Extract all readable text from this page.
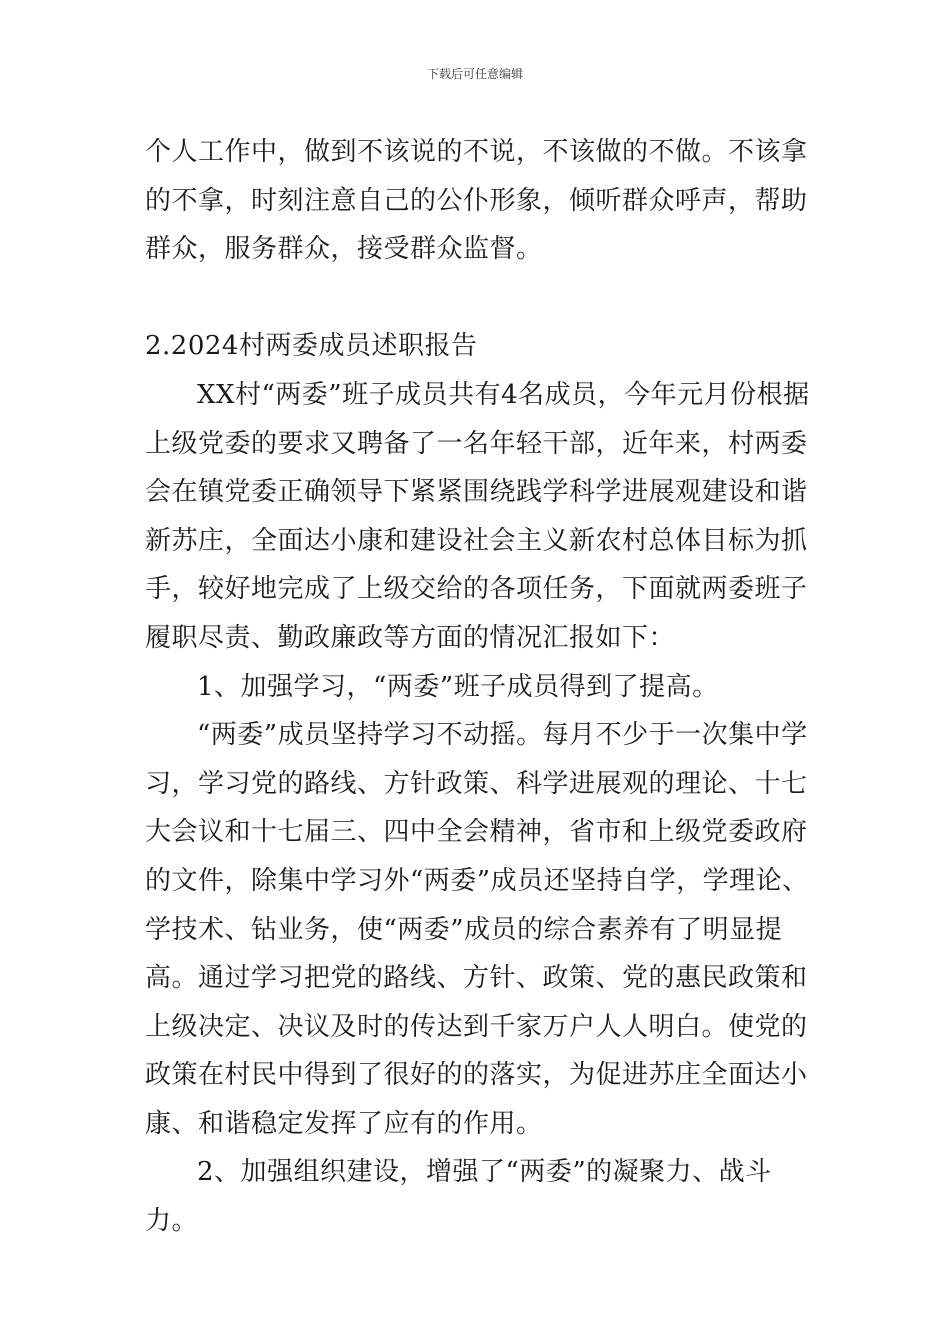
下载后可任意编辑

个人工作中，做到不该说的不说，不该做的不做。不该拿的不拿，时刻注意自己的公仆形象，倾听群众呼声，帮助群众，服务群众，接受群众监督。

2.2024村两委成员述职报告

XX村“两委”班子成员共有4名成员，今年元月份根据上级党委的要求又聘备了一名年轻干部，近年来，村两委会在镇党委正确领导下紧紧围绕践学科学进展观建设和谐新苏庄，全面达小康和建设社会主义新农村总体目标为抓手，较好地完成了上级交给的各项任务，下面就两委班子履职尽责、勤政廉政等方面的情况汇报如下：

1、加强学习，“两委”班子成员得到了提高。

“两委”成员坚持学习不动摇。每月不少于一次集中学习，学习党的路线、方针政策、科学进展观的理论、十七大会议和十七届三、四中全会精神，省市和上级党委政府的文件，除集中学习外“两委”成员还坚持自学，学理论、学技术、钻业务，使“两委”成员的综合素养有了明显提高。通过学习把党的路线、方针、政策、党的惠民政策和上级决定、决议及时的传达到千家万户人人明白。使党的政策在村民中得到了很好的的落实，为促进苏庄全面达小康、和谐稳定发挥了应有的作用。

2、加强组织建设，增强了“两委”的凝聚力、战斗力。
